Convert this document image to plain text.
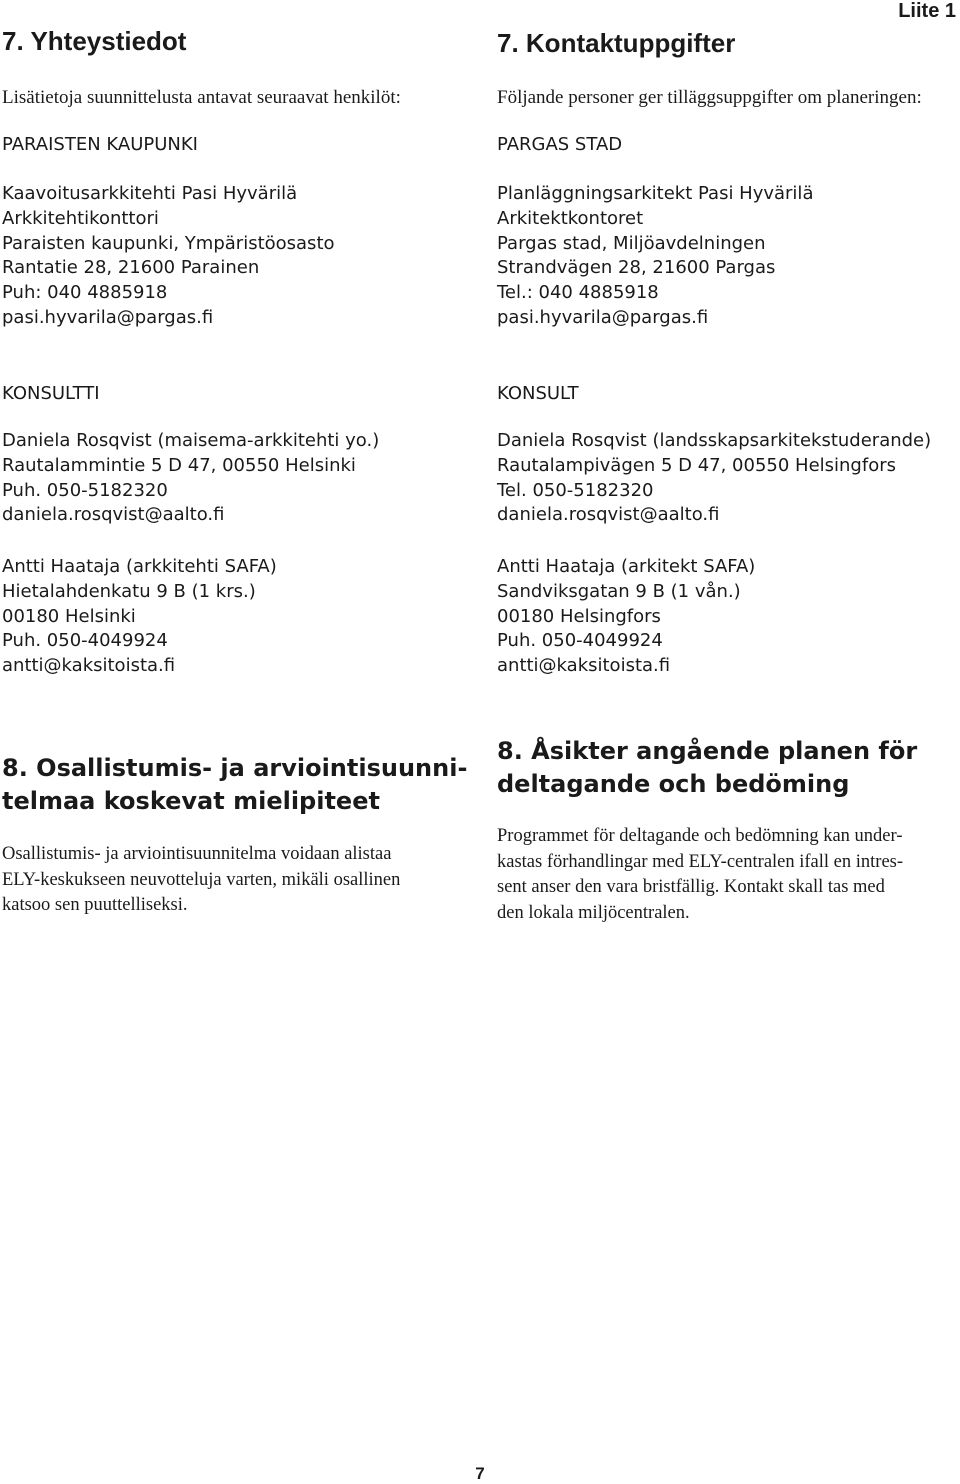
Liite 1
7. Yhteystiedot

Lisätietoja suunnittelusta antavat seuraavat henkilöt:

PARAISTEN KAUPUNKI

Kaavoitusarkkitehti Pasi Hyvärilä
Arkkitehtikonttori
Paraisten kaupunki, Ympäristöosasto
Rantatie 28, 21600 Parainen
Puh: 040 4885918
pasi.hyvarila@pargas.fi

KONSULTTI

Daniela Rosqvist (maisema-arkkitehti yo.)
Rautalammintie 5 D 47, 00550 Helsinki
Puh. 050-5182320
daniela.rosqvist@aalto.fi
Antti Haataja (arkkitehti SAFA)
Hietalahdenkatu 9 B (1 krs.)
00180 Helsinki
Puh. 050-4049924
antti@kaksitoista.fi
8. Osallistumis- ja arviointisuunni-
telmaa koskevat mielipiteet

Osallistumis- ja arviointisuunnitelma voidaan alistaa
ELY-keskukseen neuvotteluja varten, mikäli osallinen
katsoo sen puuttelliseksi.

7. Kontaktuppgifter

Följande personer ger tilläggsuppgifter om planeringen:

PARGAS STAD

Planläggningsarkitekt Pasi Hyvärilä
Arkitektkontoret
Pargas stad, Miljöavdelningen
Strandvägen 28, 21600 Pargas
Tel.: 040 4885918
pasi.hyvarila@pargas.fi

KONSULT

Daniela Rosqvist (landsskapsarkitekstuderande)
Rautalampivägen 5 D 47, 00550 Helsingfors
Tel. 050-5182320
daniela.rosqvist@aalto.fi
Antti Haataja (arkitekt SAFA)
Sandviksgatan 9 B (1 vån.)
00180 Helsingfors
Puh. 050-4049924
antti@kaksitoista.fi
8. Åsikter angående planen för
deltagande och bedöming

Programmet för deltagande och bedömning kan under-
kastas förhandlingar med ELY-centralen ifall en intres-
sent anser den vara bristfällig. Kontakt skall tas med
den lokala miljöcentralen.

7
